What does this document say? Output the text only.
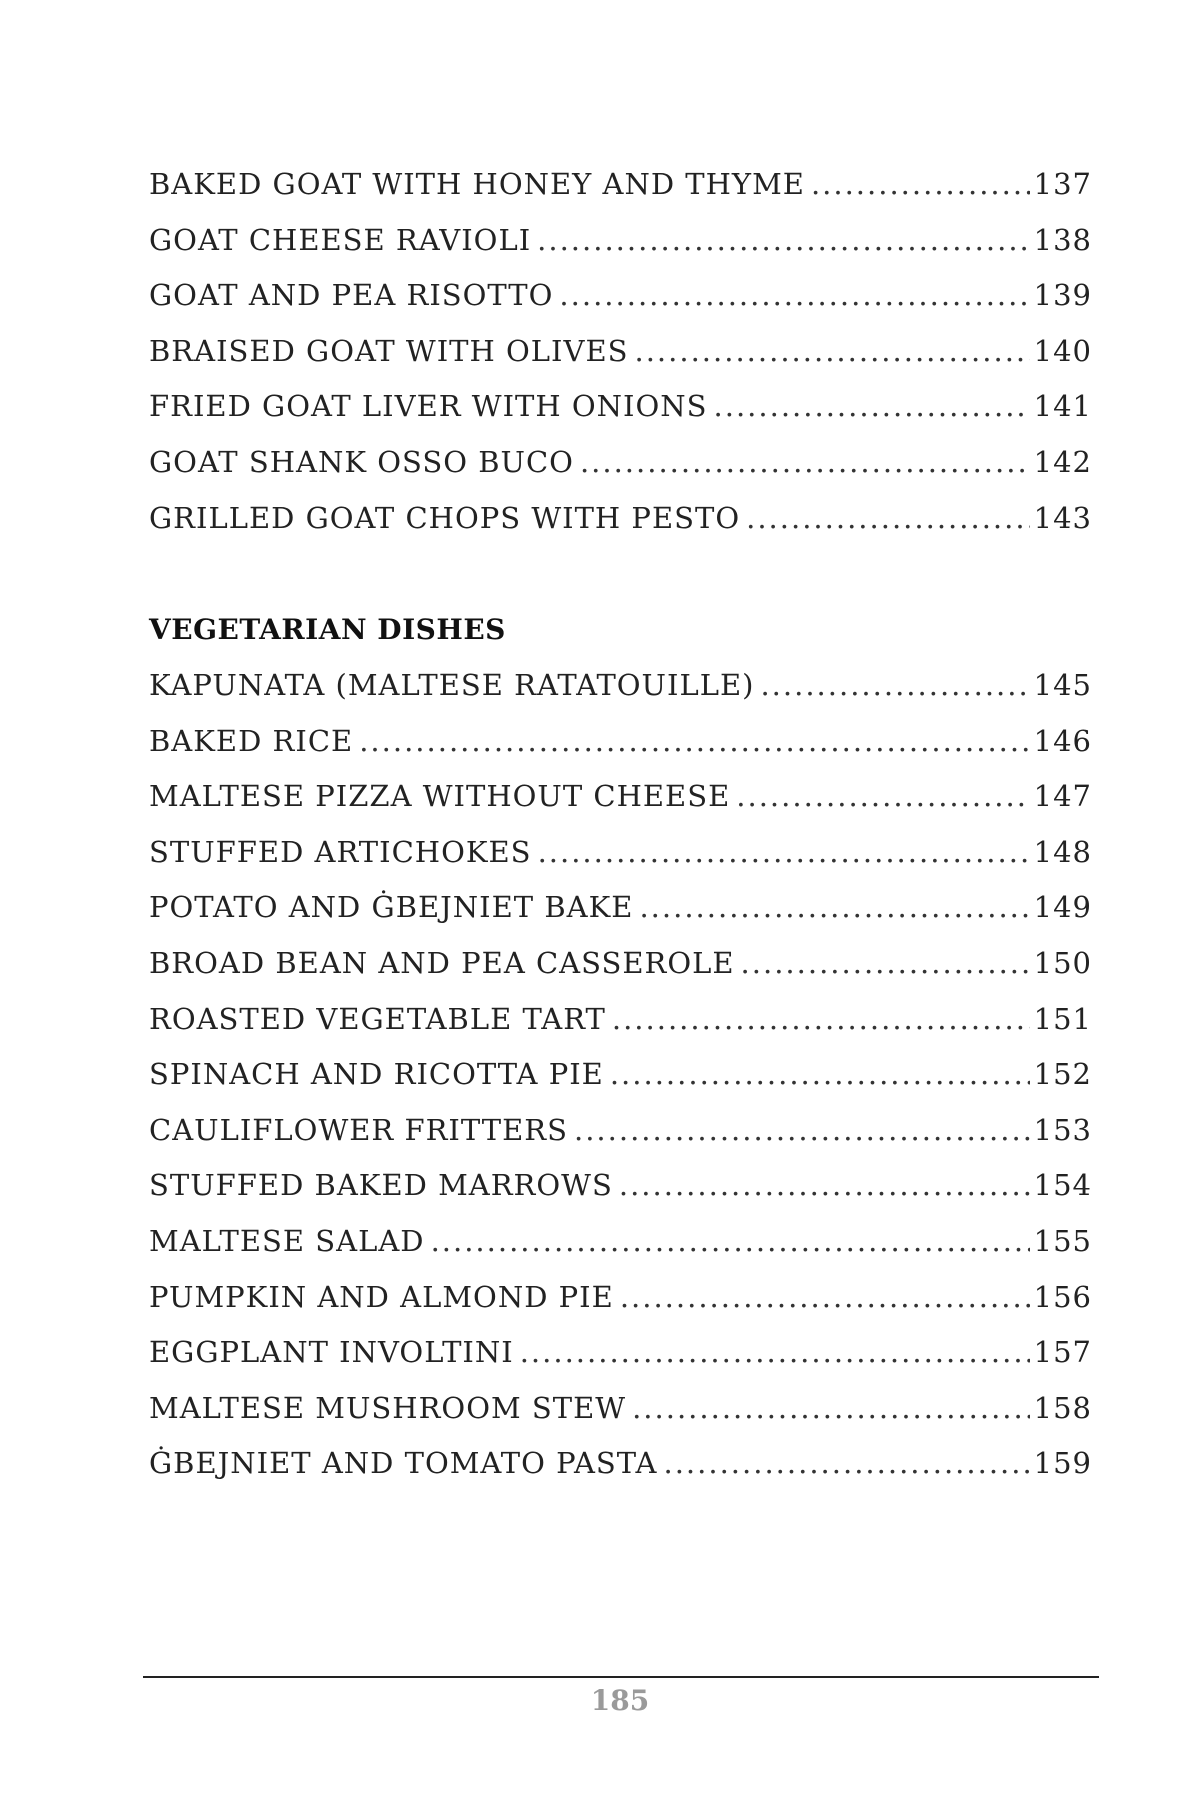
BAKED GOAT WITH HONEY AND THYME .....	137
GOAT CHEESE RAVIOLI .....	138
GOAT AND PEA RISOTTO .....	139
BRAISED GOAT WITH OLIVES .....	140
FRIED GOAT LIVER WITH ONIONS .....	141
GOAT SHANK OSSO BUCO .....	142
GRILLED GOAT CHOPS WITH PESTO .....	143
VEGETARIAN DISHES
KAPUNATA (MALTESE RATATOUILLE) .....	145
BAKED RICE .....	146
MALTESE PIZZA WITHOUT CHEESE .....	147
STUFFED ARTICHOKES .....	148
POTATO AND ĠBEJNIET BAKE .....	149
BROAD BEAN AND PEA CASSEROLE .....	150
ROASTED VEGETABLE TART .....	151
SPINACH AND RICOTTA PIE .....	152
CAULIFLOWER FRITTERS .....	153
STUFFED BAKED MARROWS .....	154
MALTESE SALAD .....	155
PUMPKIN AND ALMOND PIE .....	156
EGGPLANT INVOLTINI .....	157
MALTESE MUSHROOM STEW .....	158
ĠBEJNIET AND TOMATO PASTA .....	159
185
